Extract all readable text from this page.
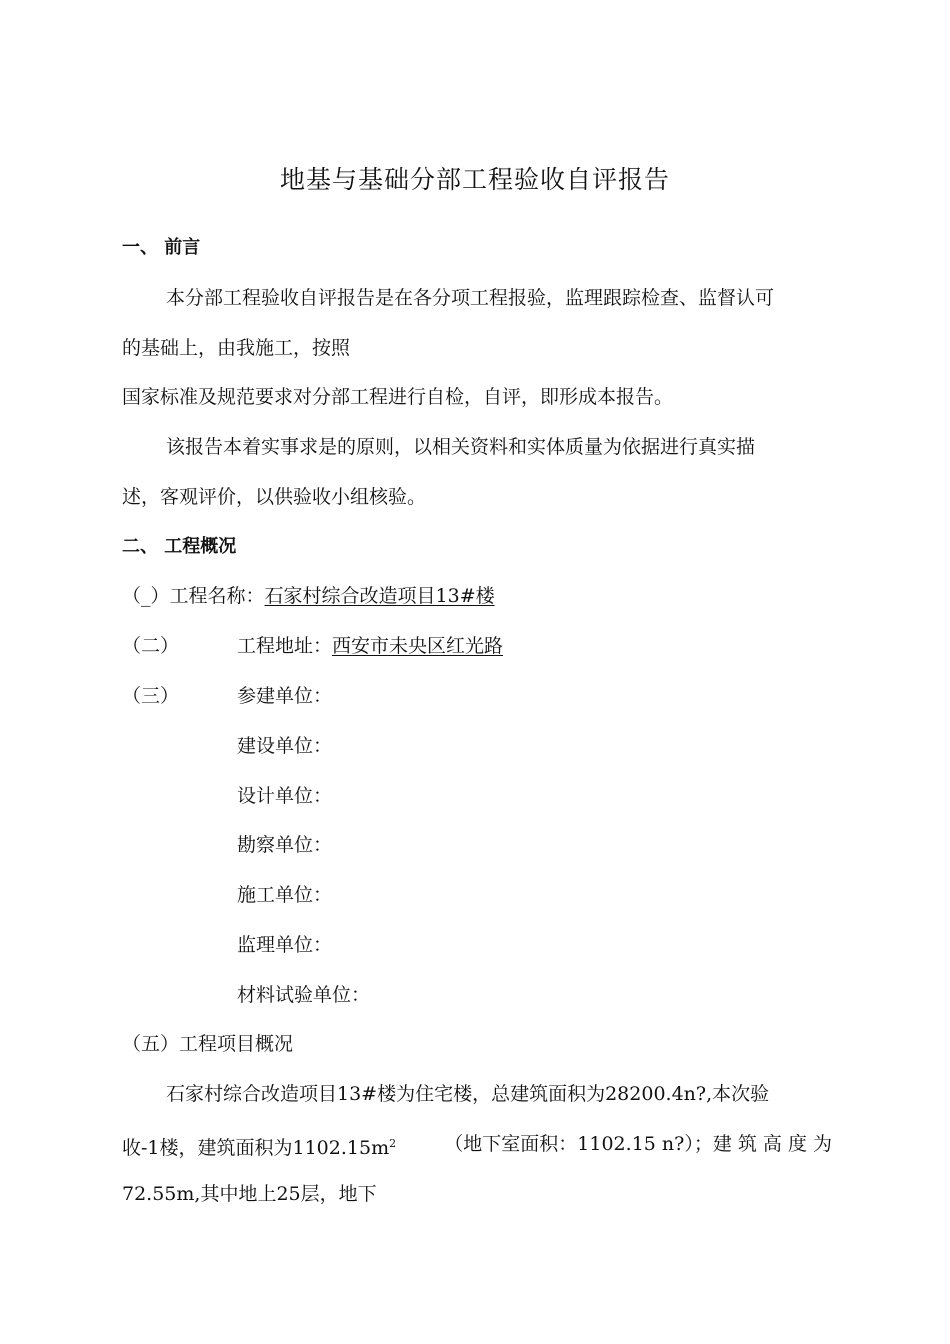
地基与基础分部工程验收自评报告
一、 前言
本分部工程验收自评报告是在各分项工程报验，监理跟踪检查、监督认可
的基础上，由我施工，按照
国家标准及规范要求对分部工程进行自检，自评，即形成本报告。
该报告本着实事求是的原则，以相关资料和实体质量为依据进行真实描
述，客观评价，以供验收小组核验。
二、 工程概况
（_）工程名称：石家村综合改造项目13#楼
（二）	工程地址：西安市未央区红光路
（三）	参建单位：
建设单位：
设计单位：
勘察单位：
施工单位：
监理单位：
材料试验单位：
（五）工程项目概况
石家村综合改造项目13#楼为住宅楼，总建筑面积为28200.4n?,本次验
收-1楼，建筑面积为$1102.15m^2$	（地下室面积：1102.15 n?）；建 筑 高 度 为
72.55m,其中地上25层，地下
